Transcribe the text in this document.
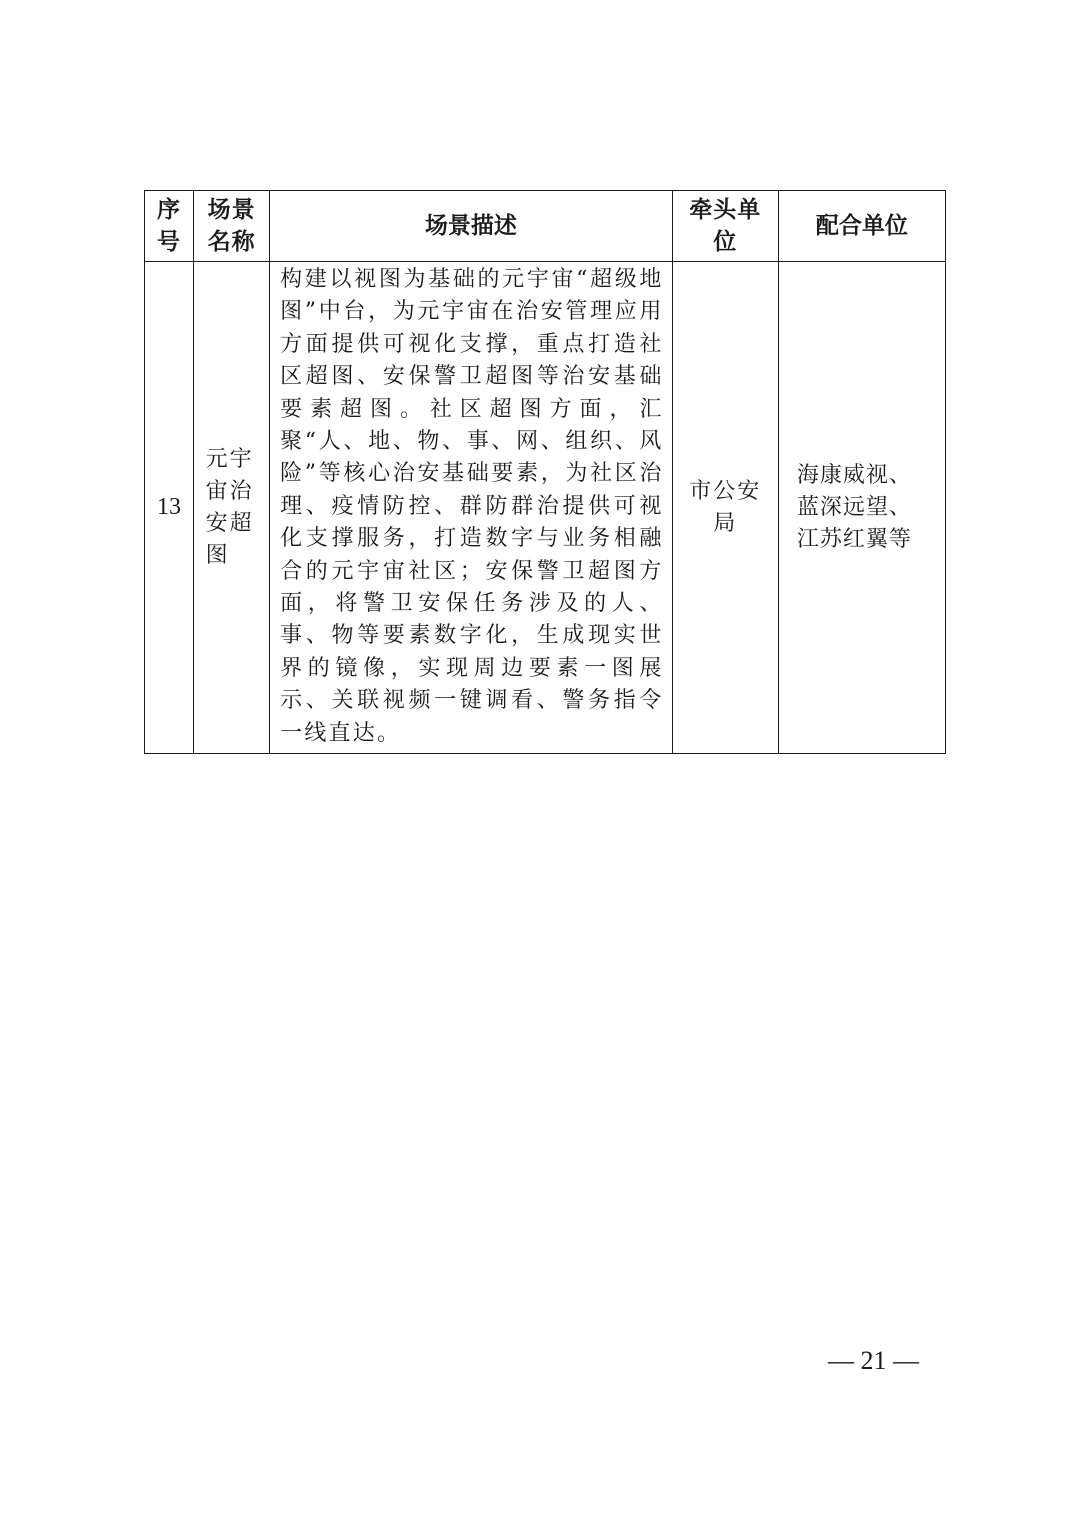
序号	场景名称	场景描述	牵头单位	配合单位
13	元宇宙治安超图	构建以视图为基础的元宇宙“超级地图”中台，为元宇宙在治安管理应用方面提供可视化支撑，重点打造社区超图、安保警卫超图等治安基础要素超图。社区超图方面，汇聚“人、地、物、事、网、组织、风险”等核心治安基础要素，为社区治理、疫情防控、群防群治提供可视化支撑服务，打造数字与业务相融合的元宇宙社区；安保警卫超图方面，将警卫安保任务涉及的人、事、物等要素数字化，生成现实世界的镜像，实现周边要素一图展示、关联视频一键调看、警务指令一线直达。	市公安局	海康威视、蓝深远望、江苏红翼等
— 21 —
